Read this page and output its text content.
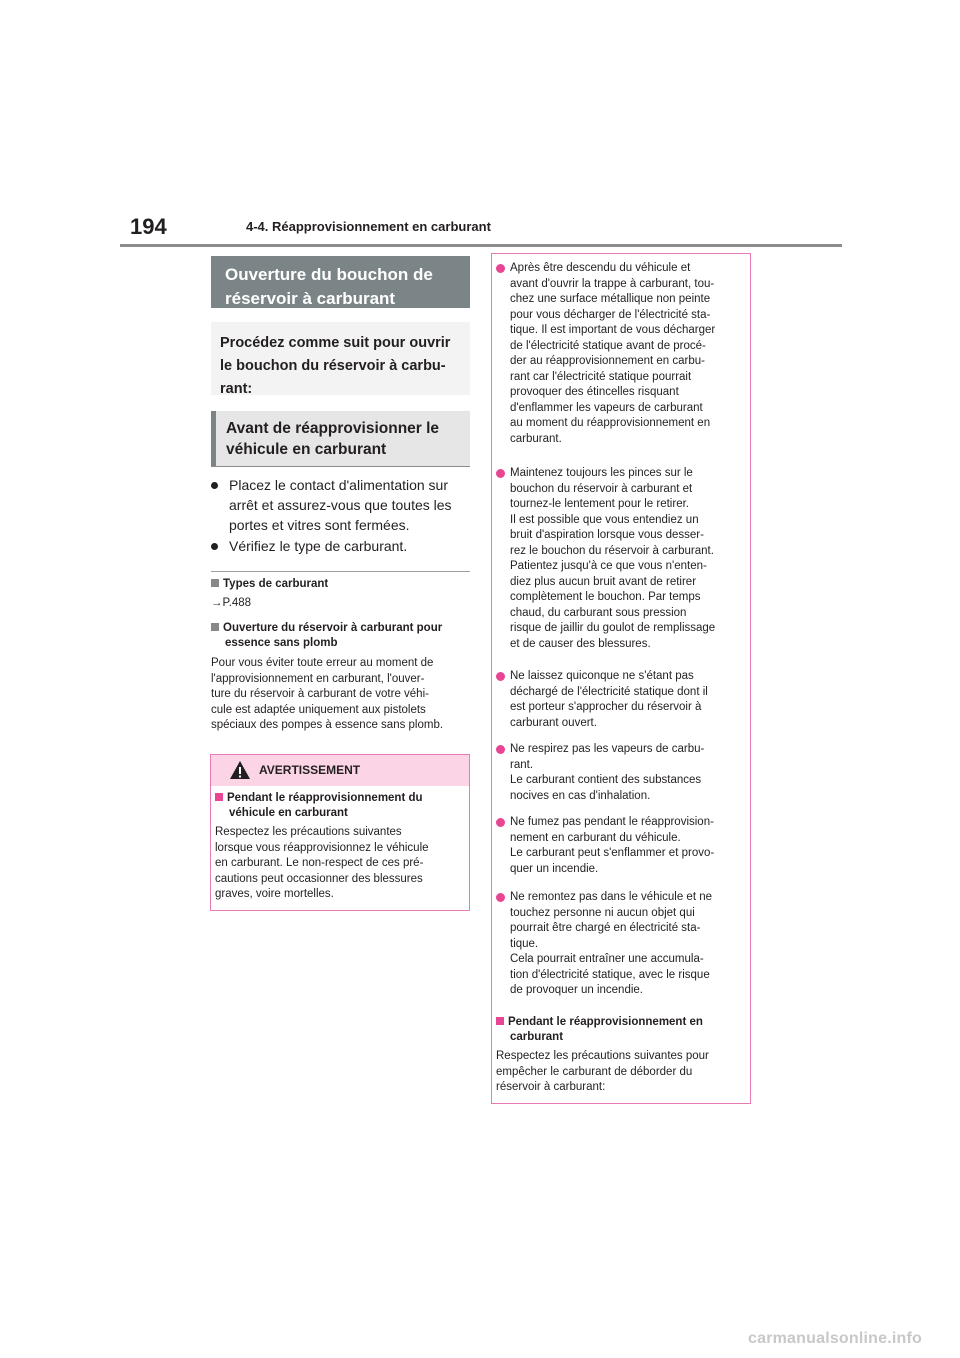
194	4-4. Réapprovisionnement en carburant
Ouverture du bouchon de
réservoir à carburant
Procédez comme suit pour ouvrir
le bouchon du réservoir à carbu-
rant:
Avant de réapprovisionner le
véhicule en carburant
Placez le contact d'alimentation sur
arrêt et assurez-vous que toutes les
portes et vitres sont fermées.
Vérifiez le type de carburant.
Types de carburant
→P.488
Ouverture du réservoir à carburant pour
essence sans plomb
Pour vous éviter toute erreur au moment de
l'approvisionnement en carburant, l'ouver-
ture du réservoir à carburant de votre véhi-
cule est adaptée uniquement aux pistolets
spéciaux des pompes à essence sans plomb.
AVERTISSEMENT
Pendant le réapprovisionnement du
véhicule en carburant
Respectez les précautions suivantes
lorsque vous réapprovisionnez le véhicule
en carburant. Le non-respect de ces pré-
cautions peut occasionner des blessures
graves, voire mortelles.
Après être descendu du véhicule et
avant d'ouvrir la trappe à carburant, tou-
chez une surface métallique non peinte
pour vous décharger de l'électricité sta-
tique. Il est important de vous décharger
de l'électricité statique avant de procé-
der au réapprovisionnement en carbu-
rant car l'électricité statique pourrait
provoquer des étincelles risquant
d'enflammer les vapeurs de carburant
au moment du réapprovisionnement en
carburant.
Maintenez toujours les pinces sur le
bouchon du réservoir à carburant et
tournez-le lentement pour le retirer.
Il est possible que vous entendiez un
bruit d'aspiration lorsque vous desser-
rez le bouchon du réservoir à carburant.
Patientez jusqu'à ce que vous n'enten-
diez plus aucun bruit avant de retirer
complètement le bouchon. Par temps
chaud, du carburant sous pression
risque de jaillir du goulot de remplissage
et de causer des blessures.
Ne laissez quiconque ne s'étant pas
déchargé de l'électricité statique dont il
est porteur s'approcher du réservoir à
carburant ouvert.
Ne respirez pas les vapeurs de carbu-
rant.
Le carburant contient des substances
nocives en cas d'inhalation.
Ne fumez pas pendant le réapprovision-
nement en carburant du véhicule.
Le carburant peut s'enflammer et provo-
quer un incendie.
Ne remontez pas dans le véhicule et ne
touchez personne ni aucun objet qui
pourrait être chargé en électricité sta-
tique.
Cela pourrait entraîner une accumula-
tion d'électricité statique, avec le risque
de provoquer un incendie.
Pendant le réapprovisionnement en
carburant
Respectez les précautions suivantes pour
empêcher le carburant de déborder du
réservoir à carburant:
carmanualsonline.info
